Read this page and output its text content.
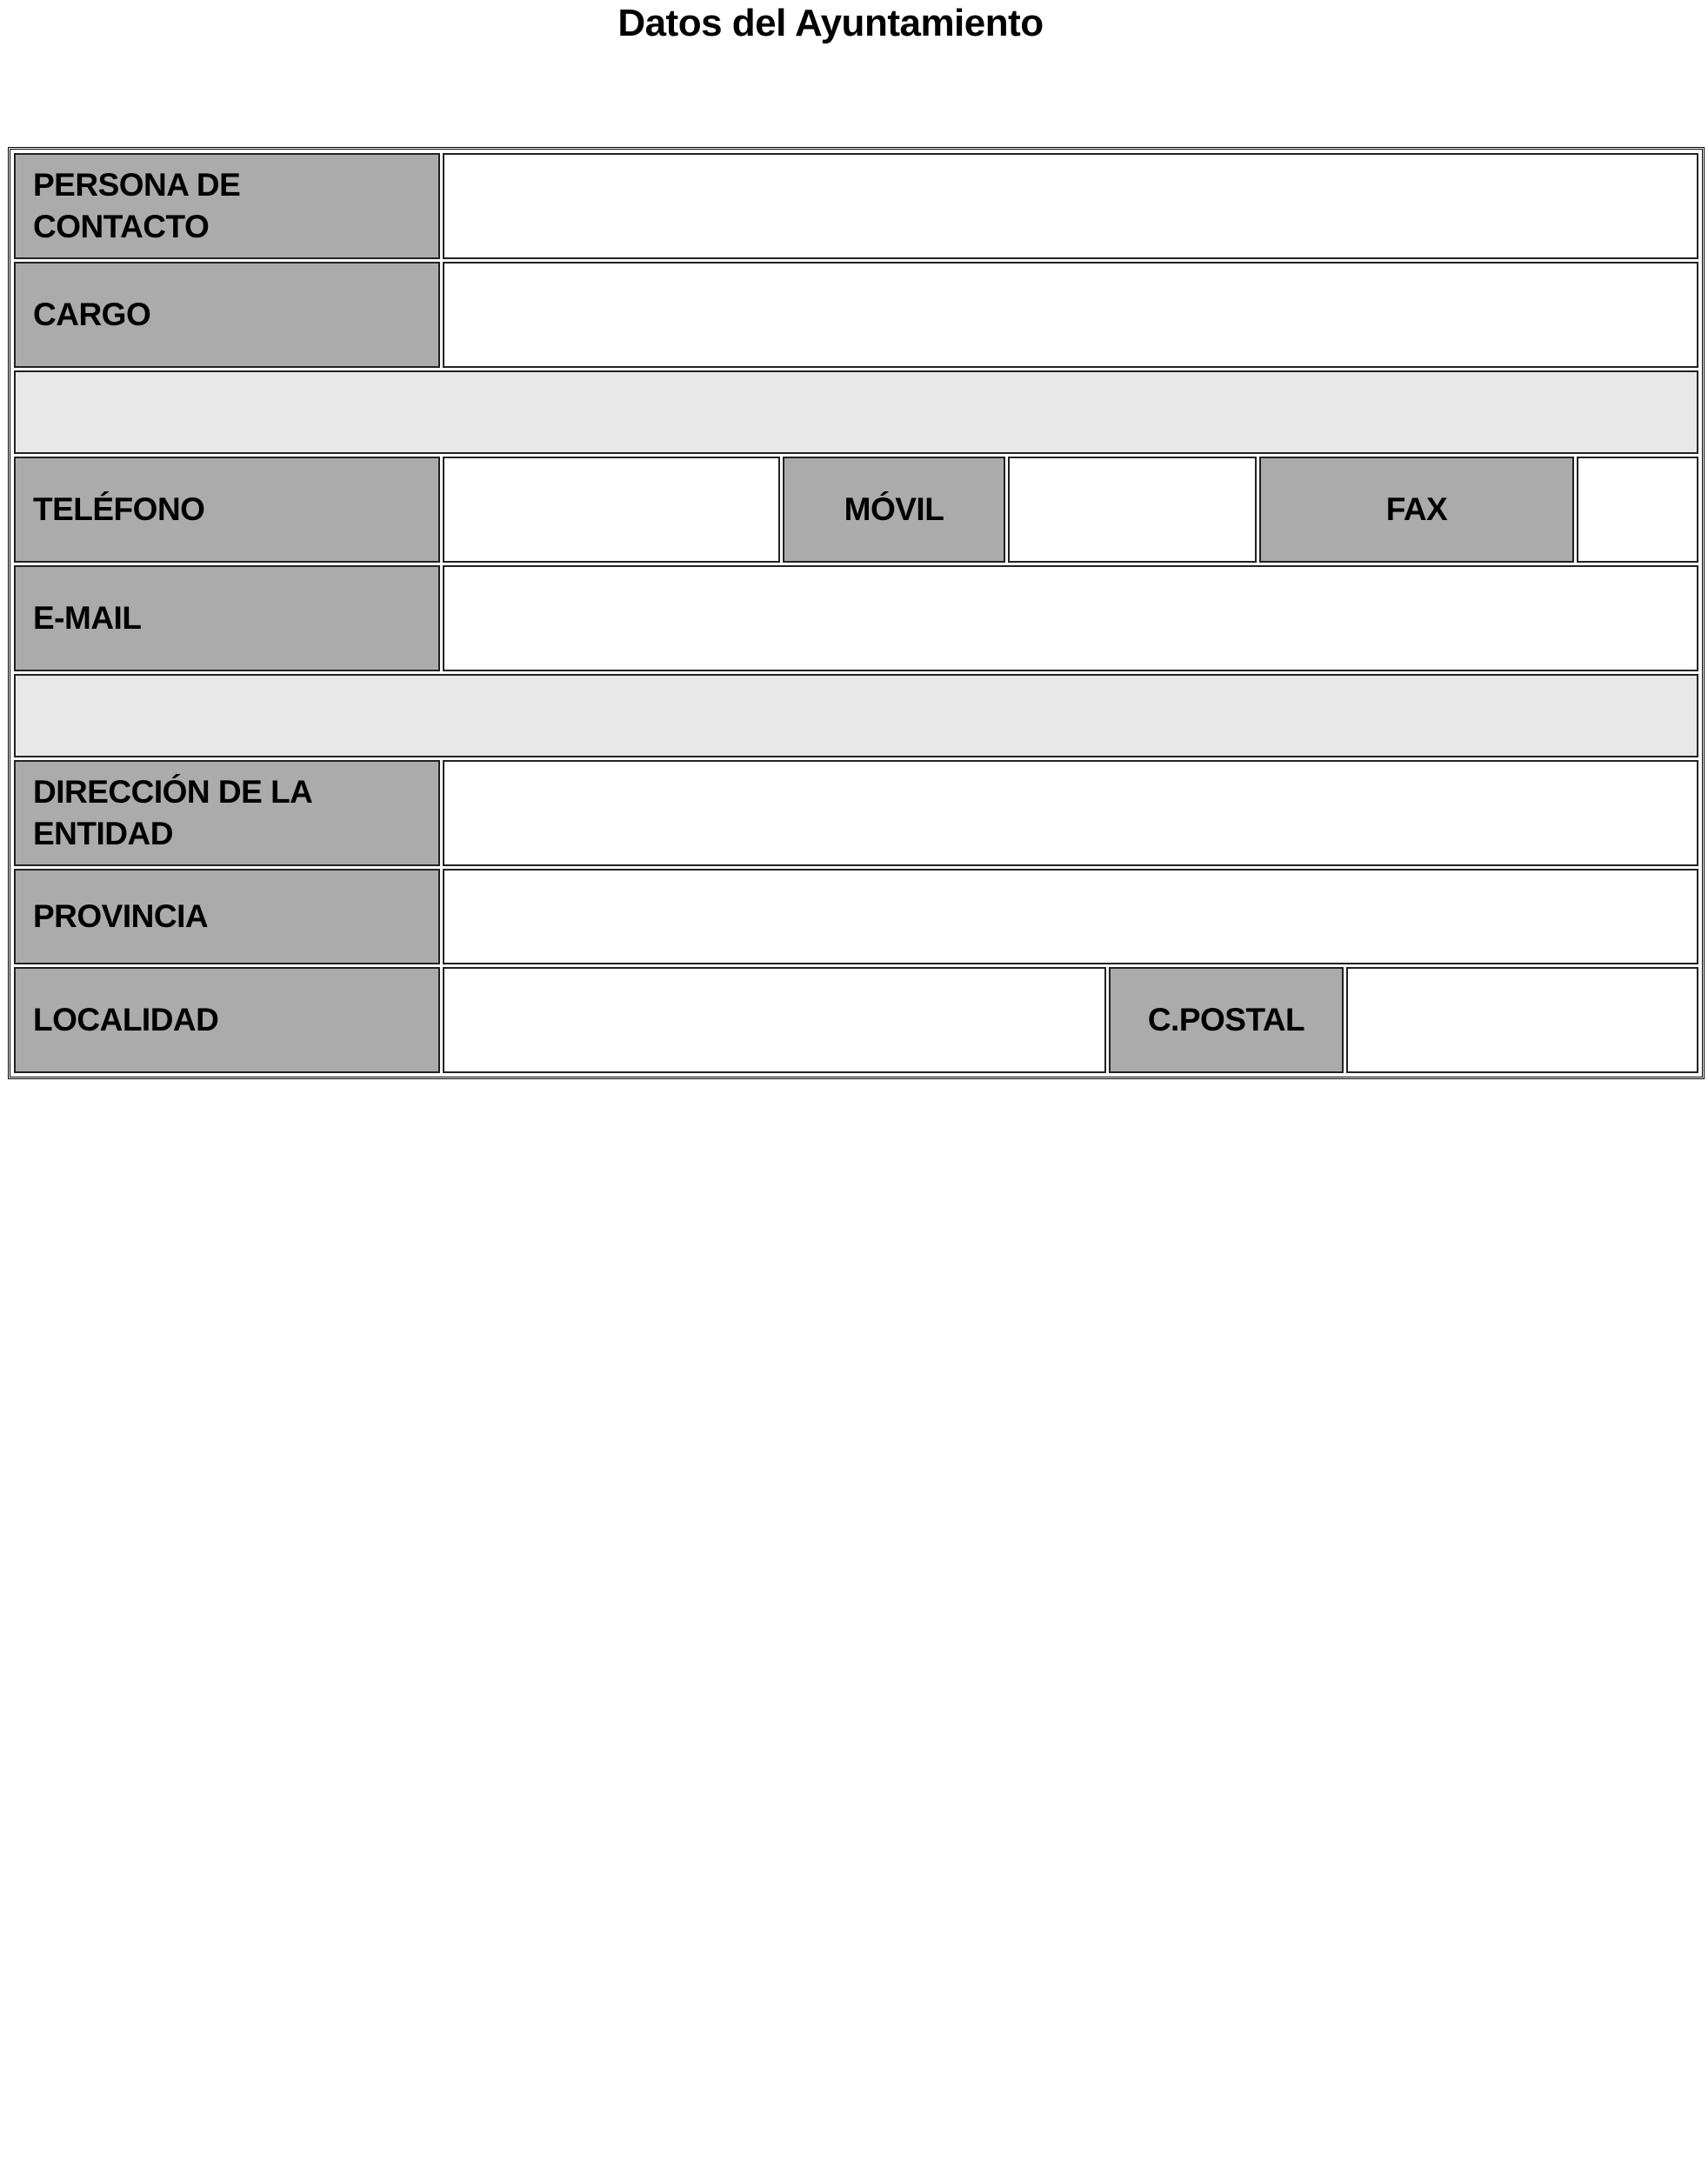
Datos del Ayuntamiento
PERSONA DE CONTACTO							
CARGO							

TELÉFONO		MÓVIL			FAX		
E-MAIL							

DIRECCIÓN DE LA ENTIDAD							
PROVINCIA							
LOCALIDAD				C.POSTAL			
